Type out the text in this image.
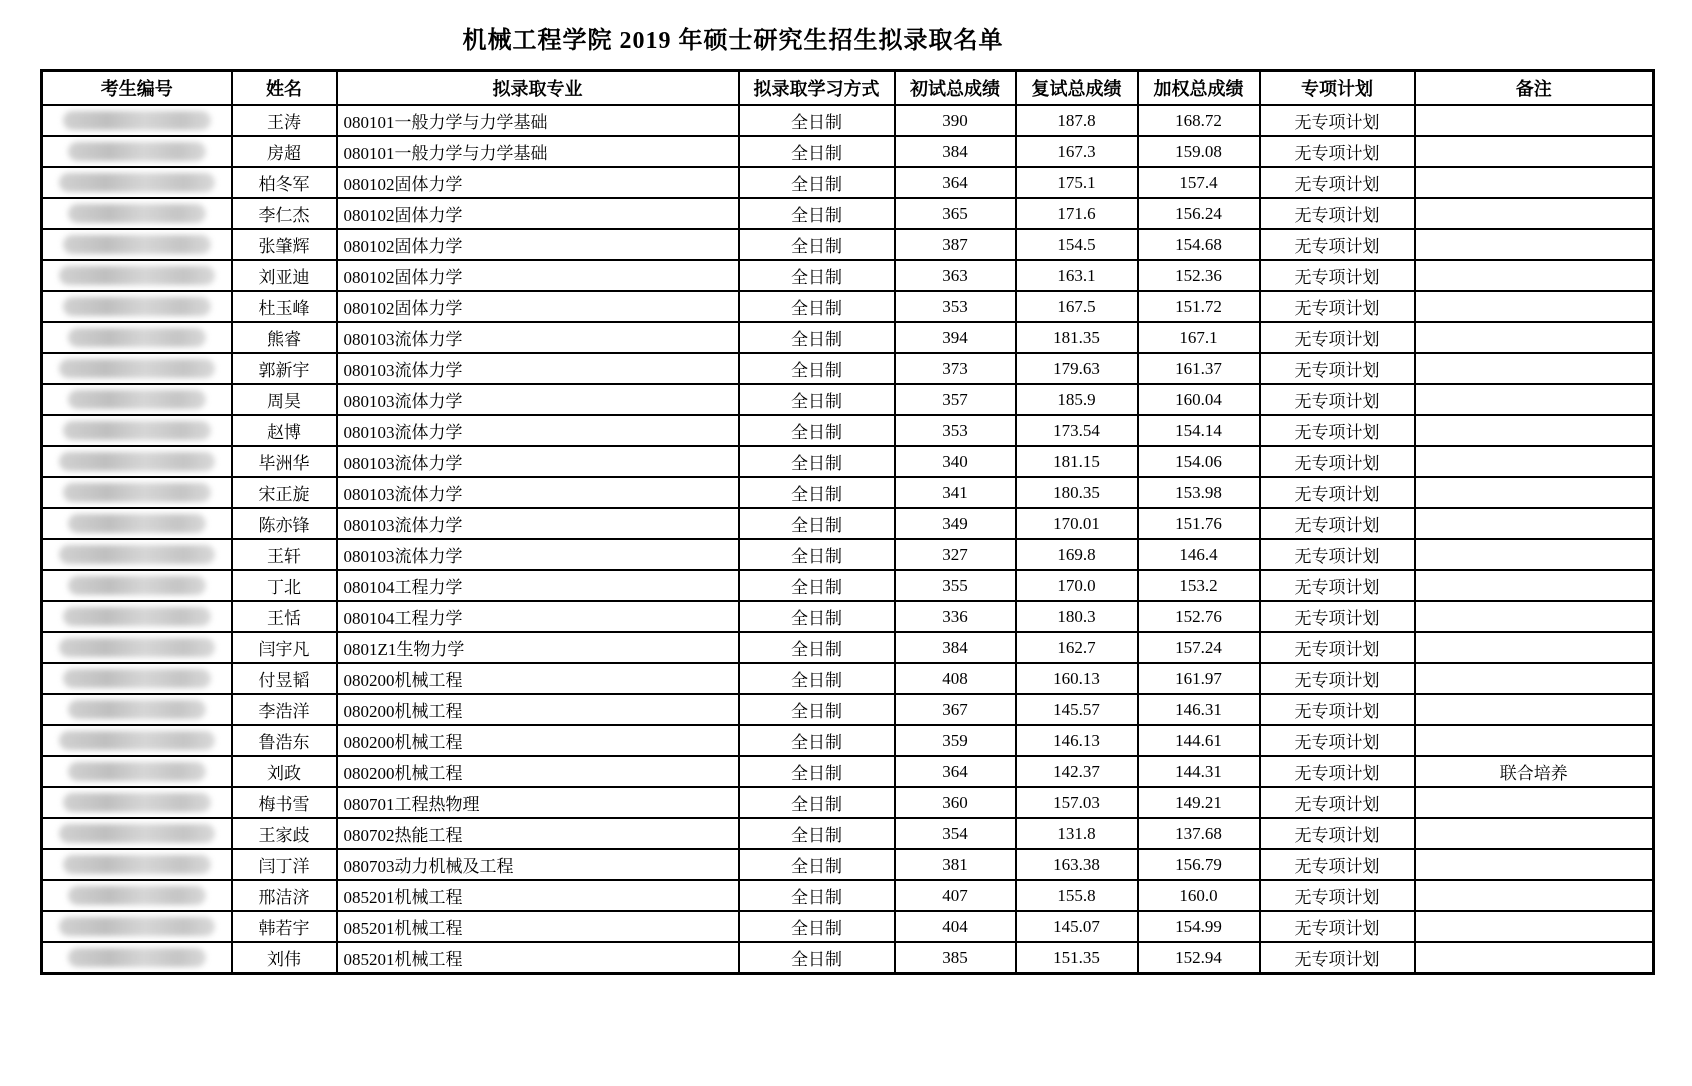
机械工程学院 2019 年硕士研究生招生拟录取名单
考生编号	姓名	拟录取专业	拟录取学习方式	初试总成绩	复试总成绩	加权总成绩	专项计划	备注

	王涛	080101一般力学与力学基础	全日制	390	187.8	168.72	无专项计划	

	房超	080101一般力学与力学基础	全日制	384	167.3	159.08	无专项计划	

	柏冬军	080102固体力学	全日制	364	175.1	157.4	无专项计划	

	李仁杰	080102固体力学	全日制	365	171.6	156.24	无专项计划	

	张肇辉	080102固体力学	全日制	387	154.5	154.68	无专项计划	

	刘亚迪	080102固体力学	全日制	363	163.1	152.36	无专项计划	

	杜玉峰	080102固体力学	全日制	353	167.5	151.72	无专项计划	

	熊睿	080103流体力学	全日制	394	181.35	167.1	无专项计划	

	郭新宇	080103流体力学	全日制	373	179.63	161.37	无专项计划	

	周昊	080103流体力学	全日制	357	185.9	160.04	无专项计划	

	赵博	080103流体力学	全日制	353	173.54	154.14	无专项计划	

	毕洲华	080103流体力学	全日制	340	181.15	154.06	无专项计划	

	宋正旋	080103流体力学	全日制	341	180.35	153.98	无专项计划	

	陈亦锋	080103流体力学	全日制	349	170.01	151.76	无专项计划	

	王轩	080103流体力学	全日制	327	169.8	146.4	无专项计划	

	丁北	080104工程力学	全日制	355	170.0	153.2	无专项计划	

	王恬	080104工程力学	全日制	336	180.3	152.76	无专项计划	

	闫宇凡	0801Z1生物力学	全日制	384	162.7	157.24	无专项计划	

	付昱韬	080200机械工程	全日制	408	160.13	161.97	无专项计划	

	李浩洋	080200机械工程	全日制	367	145.57	146.31	无专项计划	

	鲁浩东	080200机械工程	全日制	359	146.13	144.61	无专项计划	

	刘政	080200机械工程	全日制	364	142.37	144.31	无专项计划	联合培养

	梅书雪	080701工程热物理	全日制	360	157.03	149.21	无专项计划	

	王家歧	080702热能工程	全日制	354	131.8	137.68	无专项计划	

	闫丁洋	080703动力机械及工程	全日制	381	163.38	156.79	无专项计划	

	邢洁济	085201机械工程	全日制	407	155.8	160.0	无专项计划	

	韩若宇	085201机械工程	全日制	404	145.07	154.99	无专项计划	

	刘伟	085201机械工程	全日制	385	151.35	152.94	无专项计划	
